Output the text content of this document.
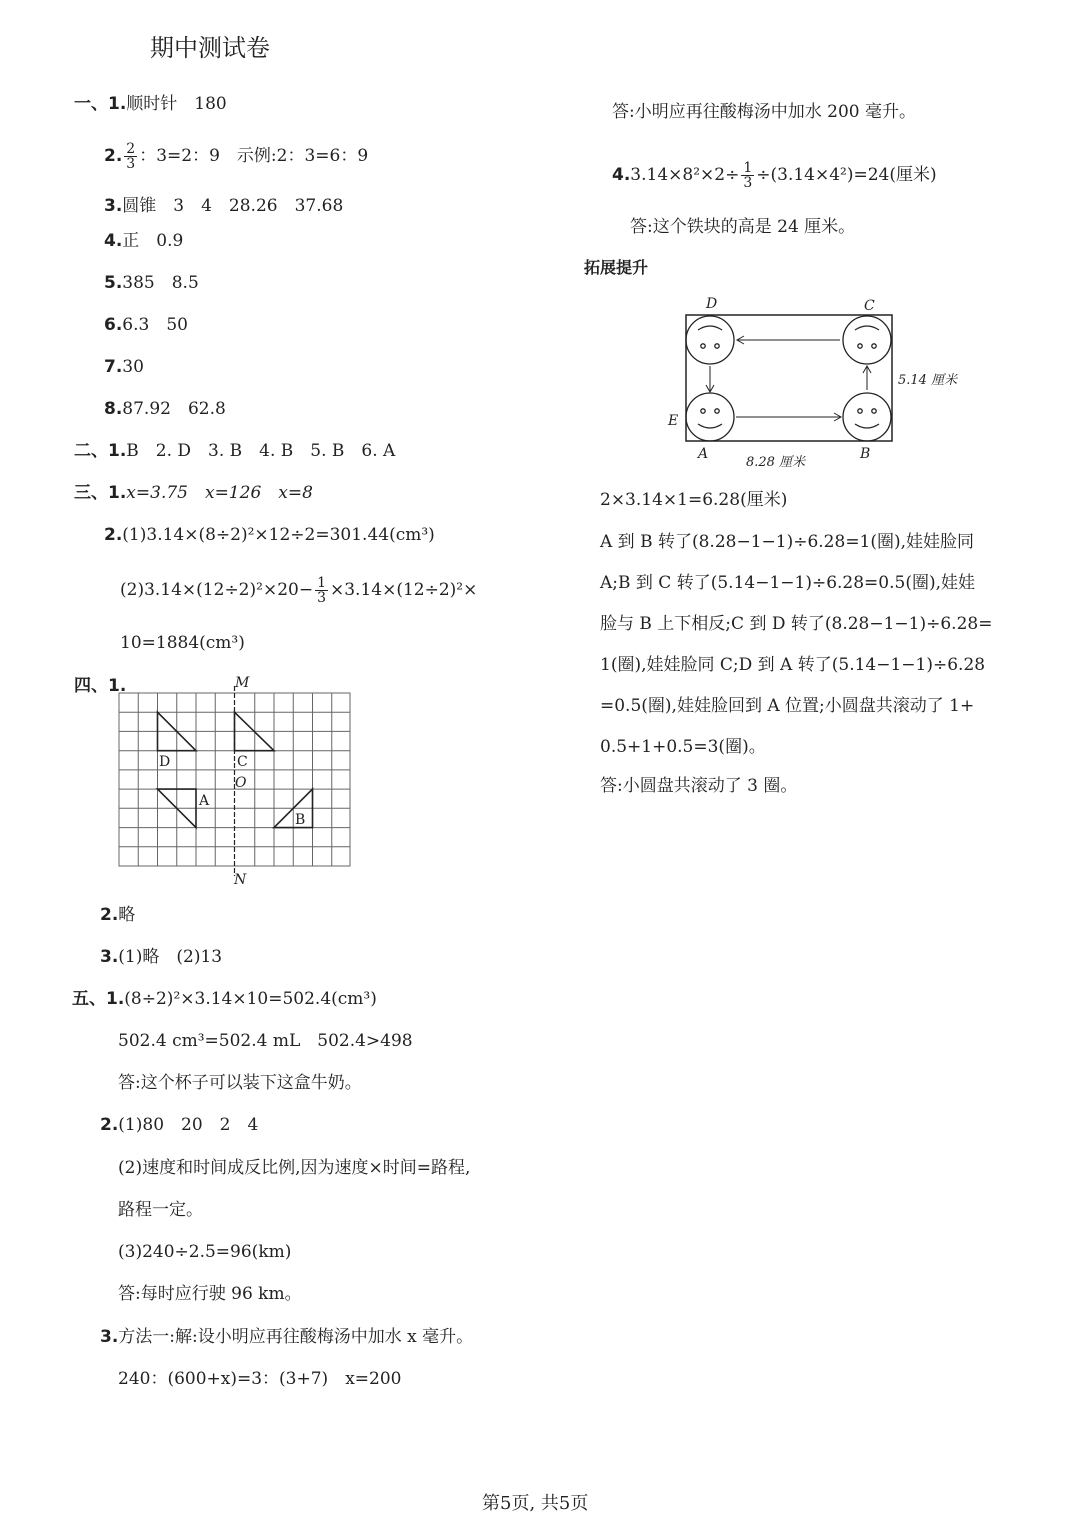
期中测试卷
一、1.顺时针　180
2. $\frac{2}{3}$ ：3=2：9　示例:2：3=6：9
3.圆锥　3　4　28.26　37.68
4.正　0.9
5.385　8.5
6.6.3　50
7.30
8.87.92　62.8
二、1.B　2. D　3. B　4. B　5. B　6. A
三、1.x=3.75　x=126　x=8
2.(1)3.14×(8÷2)²×12÷2=301.44(cm³)
$(2)3.14\times(12\div 2)^2\times 20- \frac{1}{3} \times 3.14\times(12\div 2)^2\times$
10=1884(cm³)
四、1.	M
N
O
C
D
A
B
2.略
3.(1)略　(2)13
五、1.(8÷2)²×3.14×10=502.4(cm³)
502.4 cm³=502.4 mL　502.4>498
答:这个杯子可以装下这盒牛奶。
2.(1)80　20　2　4
(2)速度和时间成反比例,因为速度×时间=路程,
路程一定。
(3)240÷2.5=96(km)
答:每时应行驶 96 km。
3.方法一:解:设小明应再往酸梅汤中加水 x 毫升。
240：(600+x)=3：(3+7)　x=200
答:小明应再往酸梅汤中加水 200 毫升。
$4.3.14\times 8^2\times 2\div \frac{1}{3} \div(3.14\times 4^2)=24$(厘米)
答:这个铁块的高是 24 厘米。
拓展提升
D	C
E
A	B
5.14 厘米
8.28 厘米
2×3.14×1=6.28(厘米)
A 到 B 转了(8.28−1−1)÷6.28=1(圈),娃娃脸同
A;B 到 C 转了(5.14−1−1)÷6.28=0.5(圈),娃娃
脸与 B 上下相反;C 到 D 转了(8.28−1−1)÷6.28=
1(圈),娃娃脸同 C;D 到 A 转了(5.14−1−1)÷6.28
=0.5(圈),娃娃脸回到 A 位置;小圆盘共滚动了 1+
0.5+1+0.5=3(圈)。
答:小圆盘共滚动了 3 圈。
第5页, 共5页
